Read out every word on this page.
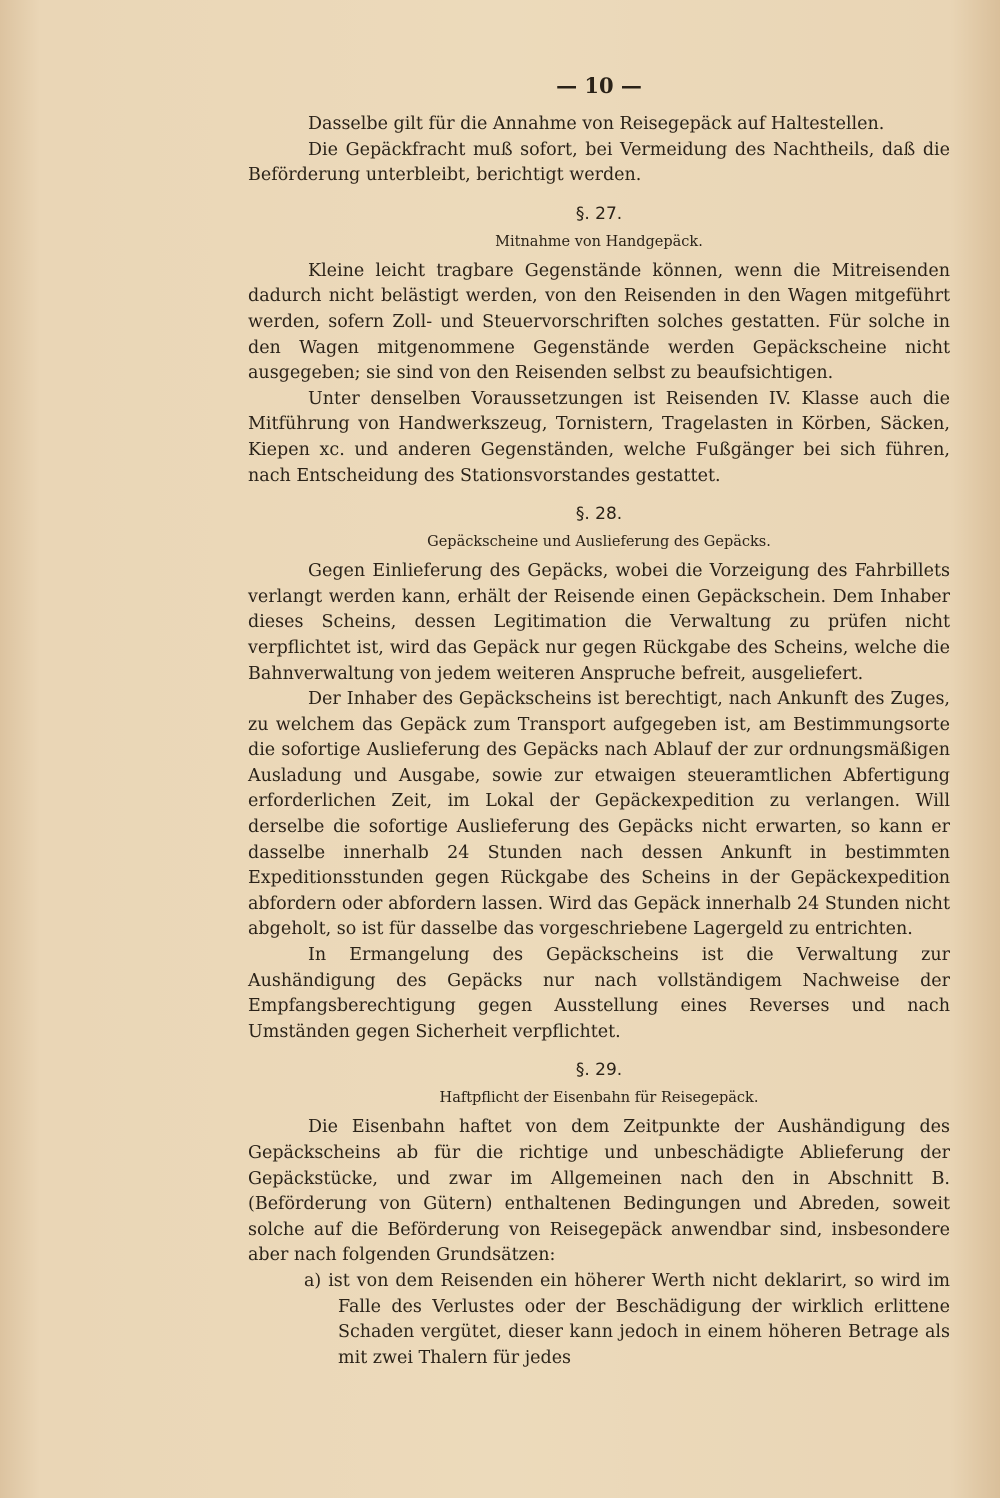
— 10 —

Dasselbe gilt für die Annahme von Reisegepäck auf Haltestellen.

Die Gepäckfracht muß sofort, bei Vermeidung des Nachtheils, daß die Beförderung unterbleibt, berichtigt werden.

§. 27.
Mitnahme von Handgepäck.

Kleine leicht tragbare Gegenstände können, wenn die Mitreisenden dadurch nicht belästigt werden, von den Reisenden in den Wagen mitgeführt werden, sofern Zoll- und Steuervorschriften solches gestatten. Für solche in den Wagen mitgenommene Gegenstände werden Gepäckscheine nicht ausgegeben; sie sind von den Reisenden selbst zu beaufsichtigen.

Unter denselben Voraussetzungen ist Reisenden IV. Klasse auch die Mitführung von Handwerkszeug, Tornistern, Tragelasten in Körben, Säcken, Kiepen xc. und anderen Gegenständen, welche Fußgänger bei sich führen, nach Entscheidung des Stationsvorstandes gestattet.

§. 28.
Gepäckscheine und Auslieferung des Gepäcks.

Gegen Einlieferung des Gepäcks, wobei die Vorzeigung des Fahrbillets verlangt werden kann, erhält der Reisende einen Gepäckschein. Dem Inhaber dieses Scheins, dessen Legitimation die Verwaltung zu prüfen nicht verpflichtet ist, wird das Gepäck nur gegen Rückgabe des Scheins, welche die Bahnverwaltung von jedem weiteren Anspruche befreit, ausgeliefert.

Der Inhaber des Gepäckscheins ist berechtigt, nach Ankunft des Zuges, zu welchem das Gepäck zum Transport aufgegeben ist, am Bestimmungsorte die sofortige Auslieferung des Gepäcks nach Ablauf der zur ordnungsmäßigen Ausladung und Ausgabe, sowie zur etwaigen steueramtlichen Abfertigung erforderlichen Zeit, im Lokal der Gepäckexpedition zu verlangen. Will derselbe die sofortige Auslieferung des Gepäcks nicht erwarten, so kann er dasselbe innerhalb 24 Stunden nach dessen Ankunft in bestimmten Expeditionsstunden gegen Rückgabe des Scheins in der Gepäckexpedition abfordern oder abfordern lassen. Wird das Gepäck innerhalb 24 Stunden nicht abgeholt, so ist für dasselbe das vorgeschriebene Lagergeld zu entrichten.

In Ermangelung des Gepäckscheins ist die Verwaltung zur Aushändigung des Gepäcks nur nach vollständigem Nachweise der Empfangsberechtigung gegen Ausstellung eines Reverses und nach Umständen gegen Sicherheit verpflichtet.

§. 29.
Haftpflicht der Eisenbahn für Reisegepäck.

Die Eisenbahn haftet von dem Zeitpunkte der Aushändigung des Gepäckscheins ab für die richtige und unbeschädigte Ablieferung der Gepäckstücke, und zwar im Allgemeinen nach den in Abschnitt B. (Beförderung von Gütern) enthaltenen Bedingungen und Abreden, soweit solche auf die Beförderung von Reisegepäck anwendbar sind, insbesondere aber nach folgenden Grundsätzen:

a) ist von dem Reisenden ein höherer Werth nicht deklarirt, so wird im Falle des Verlustes oder der Beschädigung der wirklich erlittene Schaden vergütet, dieser kann jedoch in einem höheren Betrage als mit zwei Thalern für jedes
